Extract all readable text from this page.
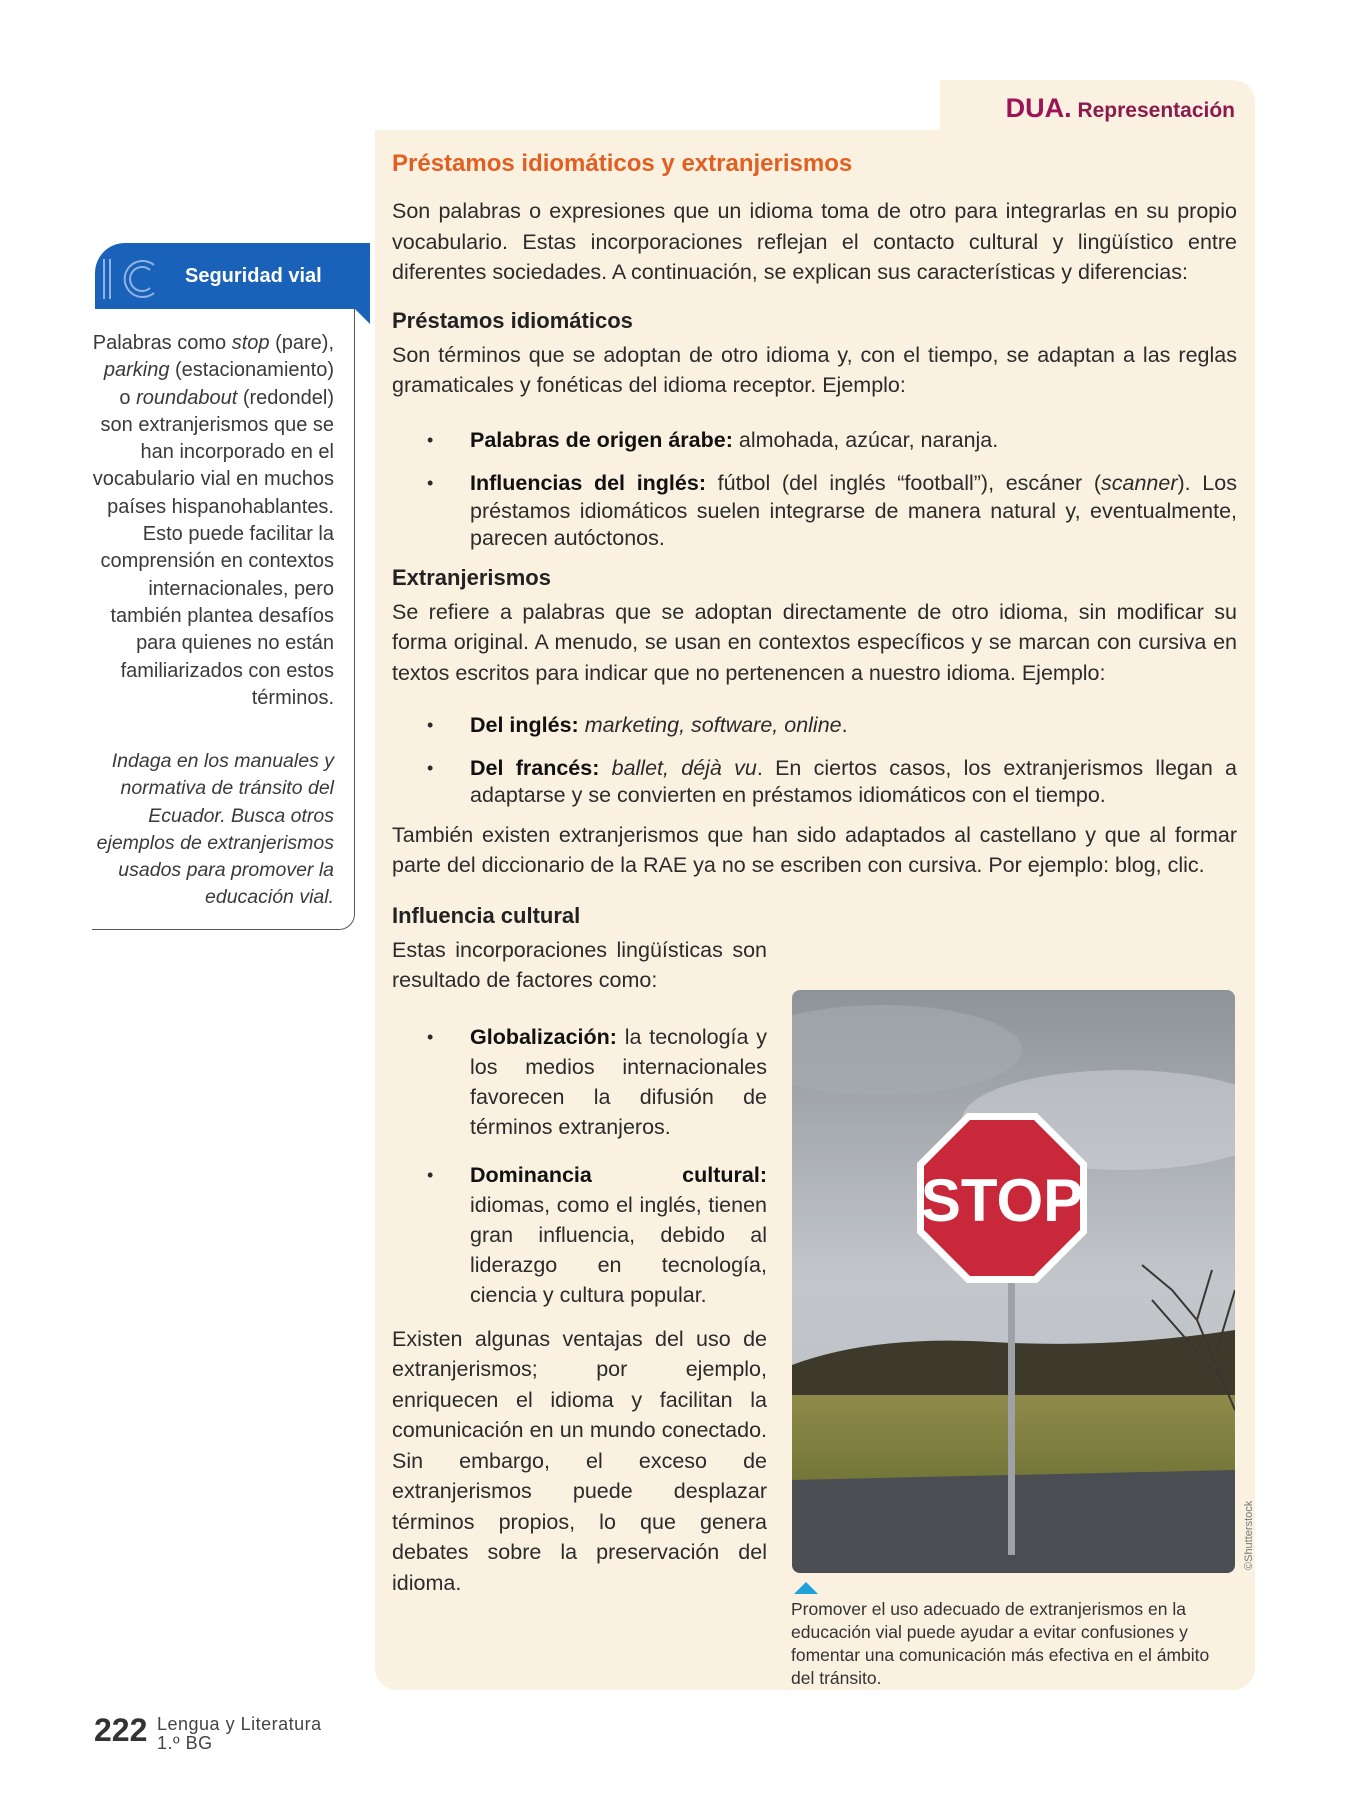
DUA. Representación
Préstamos idiomáticos y extranjerismos

Son palabras o expresiones que un idioma toma de otro para integrarlas en su propio vocabulario. Estas incorporaciones reflejan el contacto cultural y lingüístico entre diferentes sociedades. A continuación, se explican sus características y diferencias:

Préstamos idiomáticos

Son términos que se adoptan de otro idioma y, con el tiempo, se adaptan a las reglas gramaticales y fonéticas del idioma receptor. Ejemplo:

• Palabras de origen árabe: almohada, azúcar, naranja.
• Influencias del inglés: fútbol (del inglés “football”), escáner (scanner). Los préstamos idiomáticos suelen integrarse de manera natural y, eventualmente, parecen autóctonos.
Extranjerismos

Se refiere a palabras que se adoptan directamente de otro idioma, sin modificar su forma original. A menudo, se usan en contextos específicos y se marcan con cursiva en textos escritos para indicar que no pertenencen a nuestro idioma. Ejemplo:

• Del inglés: marketing, software, online.
• Del francés: ballet, déjà vu. En ciertos casos, los extranjerismos llegan a adaptarse y se convierten en préstamos idiomáticos con el tiempo.

También existen extranjerismos que han sido adaptados al castellano y que al formar parte del diccionario de la RAE ya no se escriben con cursiva. Por ejemplo: blog, clic.

Influencia cultural

Estas incorporaciones lingüísticas son resultado de factores como:

• Globalización: la tecnología y los medios internacionales favorecen la difusión de términos extranjeros.
• Dominancia cultural: idiomas, como el inglés, tienen gran influencia, debido al liderazgo en tecnología, ciencia y cultura popular.

Existen algunas ventajas del uso de extranjerismos; por ejemplo, enriquecen el idioma y facilitan la comunicación en un mundo conectado. Sin embargo, el exceso de extranjerismos puede desplazar términos propios, lo que genera debates sobre la preservación del idioma.

Seguridad vial
Palabras como stop (pare), parking (estacionamiento) o roundabout (redondel) son extranjerismos que se han incorporado en el vocabulario vial en muchos países hispanohablantes. Esto puede facilitar la comprensión en contextos internacionales, pero también plantea desafíos para quienes no están familiarizados con estos términos.
Indaga en los manuales y normativa de tránsito del Ecuador. Busca otros ejemplos de extranjerismos usados para promover la educación vial.
STOP
©Shutterstock
Promover el uso adecuado de extranjerismos en la educación vial puede ayudar a evitar confusiones y fomentar una comunicación más efectiva en el ámbito del tránsito.
222 Lengua y Literatura
1.º BG
